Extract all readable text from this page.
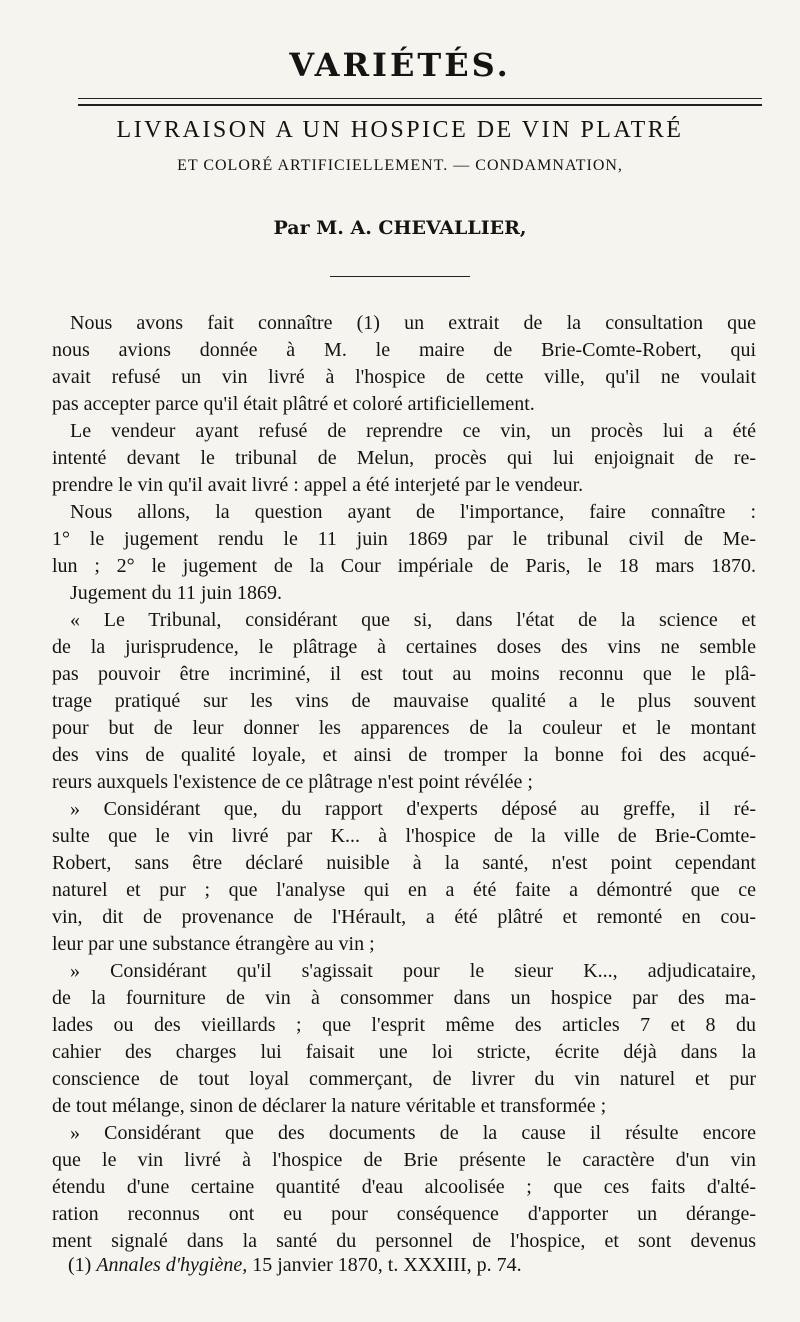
VARIÉTÉS.
LIVRAISON A UN HOSPICE DE VIN PLATRÉ
ET COLORÉ ARTIFICIELLEMENT. — CONDAMNATION,
Par M. A. CHEVALLIER,
Nous avons fait connaître (1) un extrait de la consultation que
nous avions donnée à M. le maire de Brie-Comte-Robert, qui
avait refusé un vin livré à l'hospice de cette ville, qu'il ne voulait
pas accepter parce qu'il était plâtré et coloré artificiellement.
Le vendeur ayant refusé de reprendre ce vin, un procès lui a été
intenté devant le tribunal de Melun, procès qui lui enjoignait de re-
prendre le vin qu'il avait livré : appel a été interjeté par le vendeur.
Nous allons, la question ayant de l'importance, faire connaître :
1° le jugement rendu le 11 juin 1869 par le tribunal civil de Me-
lun ; 2° le jugement de la Cour impériale de Paris, le 18 mars 1870.
Jugement du 11 juin 1869.
« Le Tribunal, considérant que si, dans l'état de la science et
de la jurisprudence, le plâtrage à certaines doses des vins ne semble
pas pouvoir être incriminé, il est tout au moins reconnu que le plâ-
trage pratiqué sur les vins de mauvaise qualité a le plus souvent
pour but de leur donner les apparences de la couleur et le montant
des vins de qualité loyale, et ainsi de tromper la bonne foi des acqué-
reurs auxquels l'existence de ce plâtrage n'est point révélée ;
» Considérant que, du rapport d'experts déposé au greffe, il ré-
sulte que le vin livré par K... à l'hospice de la ville de Brie-Comte-
Robert, sans être déclaré nuisible à la santé, n'est point cependant
naturel et pur ; que l'analyse qui en a été faite a démontré que ce
vin, dit de provenance de l'Hérault, a été plâtré et remonté en cou-
leur par une substance étrangère au vin ;
» Considérant qu'il s'agissait pour le sieur K..., adjudicataire,
de la fourniture de vin à consommer dans un hospice par des ma-
lades ou des vieillards ; que l'esprit même des articles 7 et 8 du
cahier des charges lui faisait une loi stricte, écrite déjà dans la
conscience de tout loyal commerçant, de livrer du vin naturel et pur
de tout mélange, sinon de déclarer la nature véritable et transformée ;
» Considérant que des documents de la cause il résulte encore
que le vin livré à l'hospice de Brie présente le caractère d'un vin
étendu d'une certaine quantité d'eau alcoolisée ; que ces faits d'alté-
ration reconnus ont eu pour conséquence d'apporter un dérange-
ment signalé dans la santé du personnel de l'hospice, et sont devenus
(1) Annales d'hygiène, 15 janvier 1870, t. XXXIII, p. 74.
